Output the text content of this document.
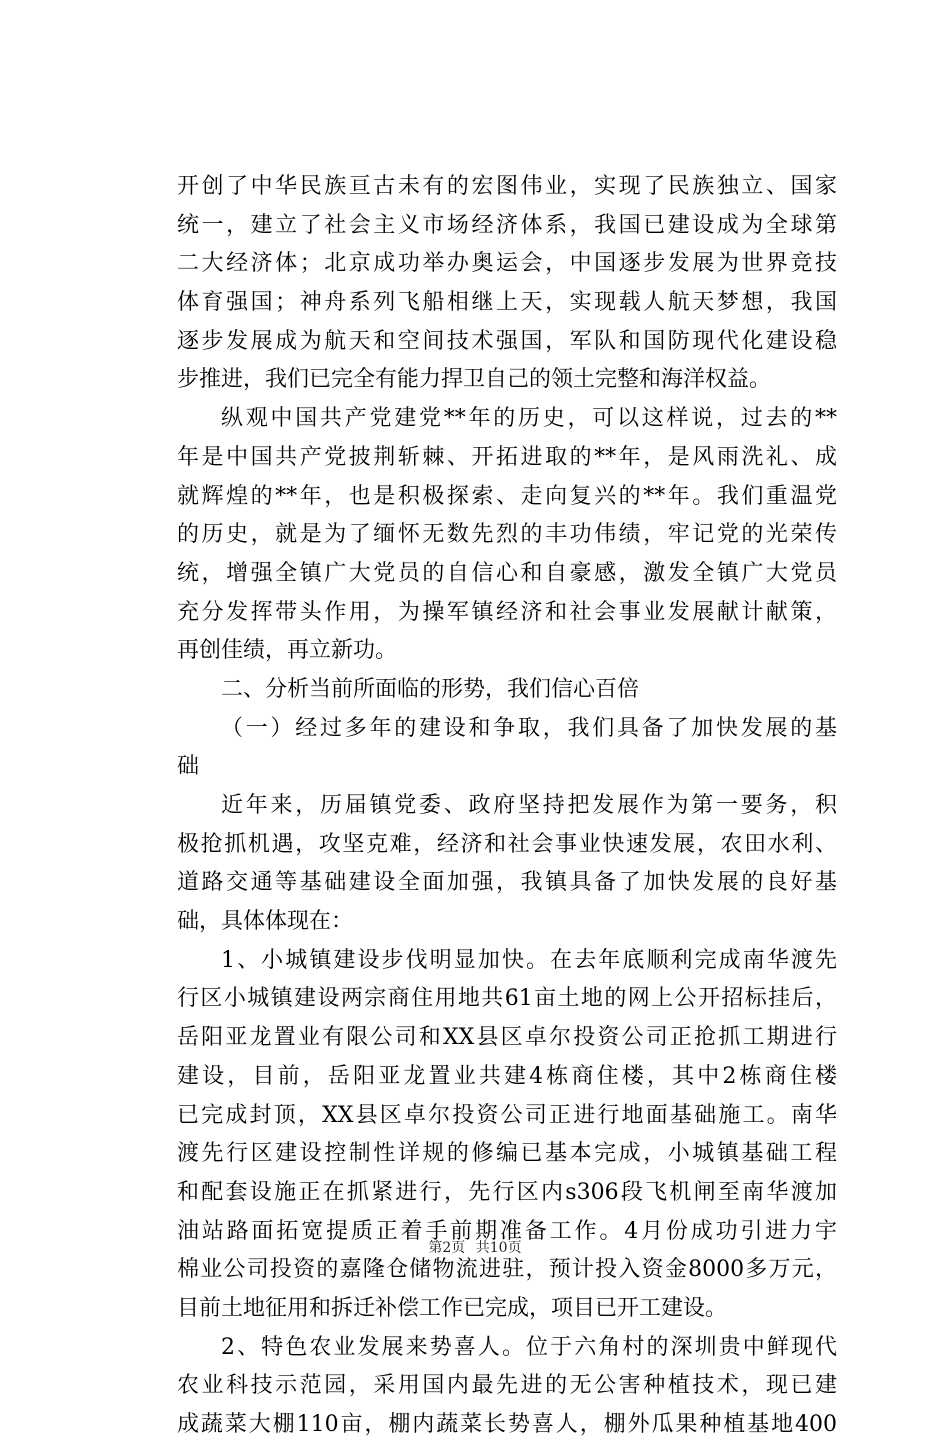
开创了中华民族亘古未有的宏图伟业，实现了民族独立、国家
统一，建立了社会主义市场经济体系，我国已建设成为全球第
二大经济体；北京成功举办奥运会，中国逐步发展为世界竞技
体育强国；神舟系列飞船相继上天，实现载人航天梦想，我国
逐步发展成为航天和空间技术强国，军队和国防现代化建设稳
步推进，我们已完全有能力捍卫自己的领土完整和海洋权益。
纵观中国共产党建党**年的历史，可以这样说，过去的**
年是中国共产党披荆斩棘、开拓进取的**年，是风雨洗礼、成
就辉煌的**年，也是积极探索、走向复兴的**年。我们重温党
的历史，就是为了缅怀无数先烈的丰功伟绩，牢记党的光荣传
统，增强全镇广大党员的自信心和自豪感，激发全镇广大党员
充分发挥带头作用，为操军镇经济和社会事业发展献计献策，
再创佳绩，再立新功。
二、分析当前所面临的形势，我们信心百倍
（一）经过多年的建设和争取，我们具备了加快发展的基
础
近年来，历届镇党委、政府坚持把发展作为第一要务，积
极抢抓机遇，攻坚克难，经济和社会事业快速发展，农田水利、
道路交通等基础建设全面加强，我镇具备了加快发展的良好基
础，具体体现在：
1、小城镇建设步伐明显加快。在去年底顺利完成南华渡先
行区小城镇建设两宗商住用地共61亩土地的网上公开招标挂后，
岳阳亚龙置业有限公司和XX县区卓尔投资公司正抢抓工期进行
建设，目前，岳阳亚龙置业共建4栋商住楼，其中2栋商住楼
已完成封顶，XX县区卓尔投资公司正进行地面基础施工。南华
渡先行区建设控制性详规的修编已基本完成，小城镇基础工程
和配套设施正在抓紧进行，先行区内s306段飞机闸至南华渡加
油站路面拓宽提质正着手前期准备工作。4月份成功引进力宇
棉业公司投资的嘉隆仓储物流进驻，预计投入资金8000多万元，
目前土地征用和拆迁补偿工作已完成，项目已开工建设。
2、特色农业发展来势喜人。位于六角村的深圳贵中鲜现代
农业科技示范园，采用国内最先进的无公害种植技术，现已建
成蔬菜大棚110亩，棚内蔬菜长势喜人，棚外瓜果种植基地400
第2页 共10页
